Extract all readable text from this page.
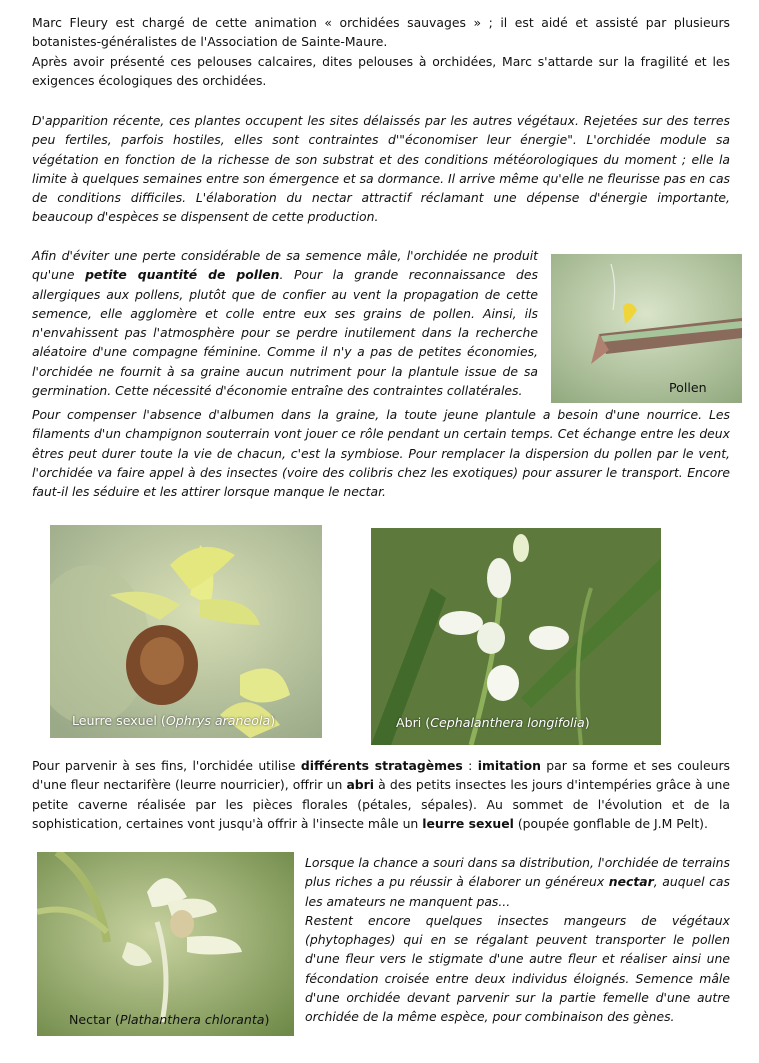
Marc Fleury est chargé de cette animation « orchidées sauvages » ; il est aidé et assisté par plusieurs botanistes-généralistes de l'Association de Sainte-Maure.
Après avoir présenté ces pelouses calcaires, dites pelouses à orchidées, Marc s'attarde sur la fragilité et les exigences écologiques des orchidées.

D'apparition récente, ces plantes occupent les sites délaissés par les autres végétaux. Rejetées sur des terres peu fertiles, parfois hostiles, elles sont contraintes d'"économiser leur énergie". L'orchidée module sa végétation en fonction de la richesse de son substrat et des conditions météorologiques du moment ; elle la limite à quelques semaines entre son émergence et sa dormance. Il arrive même qu'elle ne fleurisse pas en cas de conditions difficiles. L'élaboration du nectar attractif réclamant une dépense d'énergie importante, beaucoup d'espèces se dispensent de cette production.

Afin d'éviter une perte considérable de sa semence mâle, l'orchidée ne produit qu'une petite quantité de pollen. Pour la grande reconnaissance des allergiques aux pollens, plutôt que de confier au vent la propagation de cette semence, elle agglomère et colle entre eux ses grains de pollen. Ainsi, ils n'envahissent pas l'atmosphère pour se perdre inutilement dans la recherche aléatoire d'une compagne féminine. Comme il n'y a pas de petites économies, l'orchidée ne fournit à sa graine aucun nutriment pour la plantule issue de sa germination. Cette nécessité d'économie entraîne des contraintes collatérales.

Pour compenser l'absence d'albumen dans la graine, la toute jeune plantule a besoin d'une nourrice. Les filaments d'un champignon souterrain vont jouer ce rôle pendant un certain temps. Cet échange entre les deux êtres peut durer toute la vie de chacun, c'est la symbiose. Pour remplacer la dispersion du pollen par le vent, l'orchidée va faire appel à des insectes (voire des colibris chez les exotiques) pour assurer le transport. Encore faut-il les séduire et les attirer lorsque manque le nectar.

Pollen
Leurre sexuel (Ophrys araneola)	Abri (Cephalanthera longifolia)

Pour parvenir à ses fins, l'orchidée utilise différents stratagèmes : imitation par sa forme et ses couleurs d'une fleur nectarifère (leurre nourricier), offrir un abri à des petits insectes les jours d'intempéries grâce à une petite caverne réalisée par les pièces florales (pétales, sépales). Au sommet de l'évolution et de la sophistication, certaines vont jusqu'à offrir à l'insecte mâle un leurre sexuel (poupée gonflable de J.M Pelt).

Nectar (Plathanthera chloranta)

Lorsque la chance a souri dans sa distribution, l'orchidée de terrains plus riches a pu réussir à élaborer un généreux nectar, auquel cas les amateurs ne manquent pas...
Restent encore quelques insectes mangeurs de végétaux (phytophages) qui en se régalant peuvent transporter le pollen d'une fleur vers le stigmate d'une autre fleur et réaliser ainsi une fécondation croisée entre deux individus éloignés. Semence mâle d'une orchidée devant parvenir sur la partie femelle d'une autre orchidée de la même espèce, pour combinaison des gènes.
